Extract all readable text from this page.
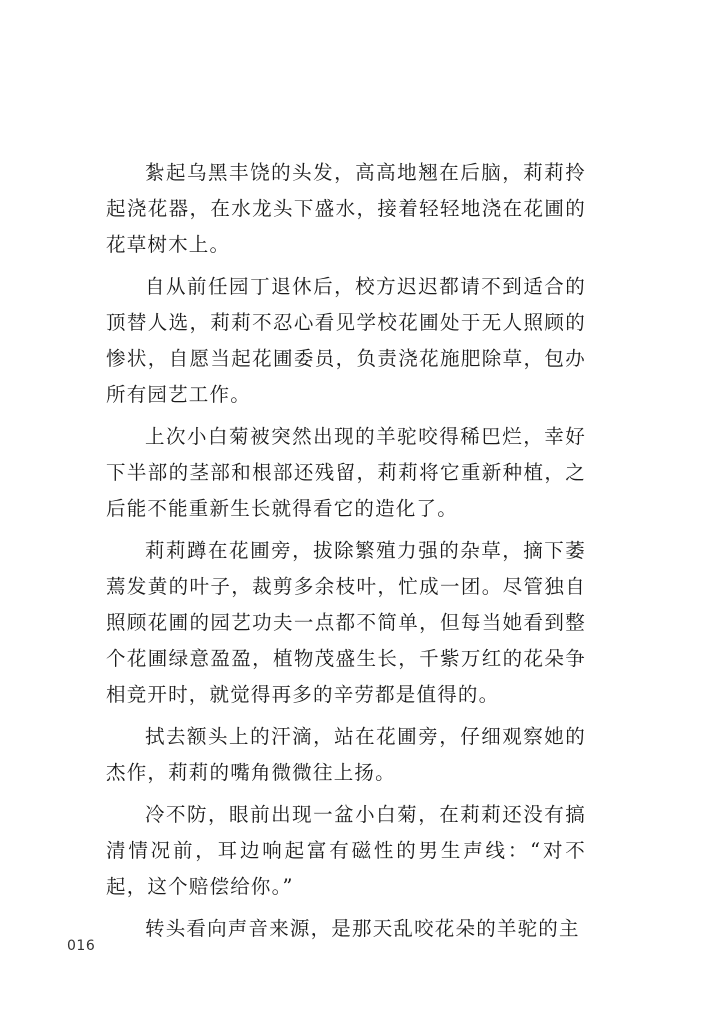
紮起乌黑丰饶的头发，高高地翘在后脑，莉莉拎起浇花器，在水龙头下盛水，接着轻轻地浇在花圃的花草树木上。

自从前任园丁退休后，校方迟迟都请不到适合的顶替人选，莉莉不忍心看见学校花圃处于无人照顾的惨状，自愿当起花圃委员，负责浇花施肥除草，包办所有园艺工作。

上次小白菊被突然出现的羊驼咬得稀巴烂，幸好下半部的茎部和根部还残留，莉莉将它重新种植，之后能不能重新生长就得看它的造化了。

莉莉蹲在花圃旁，拔除繁殖力强的杂草，摘下萎蔫发黄的叶子，裁剪多余枝叶，忙成一团。尽管独自照顾花圃的园艺功夫一点都不简单，但每当她看到整个花圃绿意盈盈，植物茂盛生长，千紫万红的花朵争相竞开时，就觉得再多的辛劳都是值得的。

拭去额头上的汗滴，站在花圃旁，仔细观察她的杰作，莉莉的嘴角微微往上扬。

冷不防，眼前出现一盆小白菊，在莉莉还没有搞清情况前，耳边响起富有磁性的男生声线：“对不起，这个赔偿给你。”

转头看向声音来源，是那天乱咬花朵的羊驼的主

016
